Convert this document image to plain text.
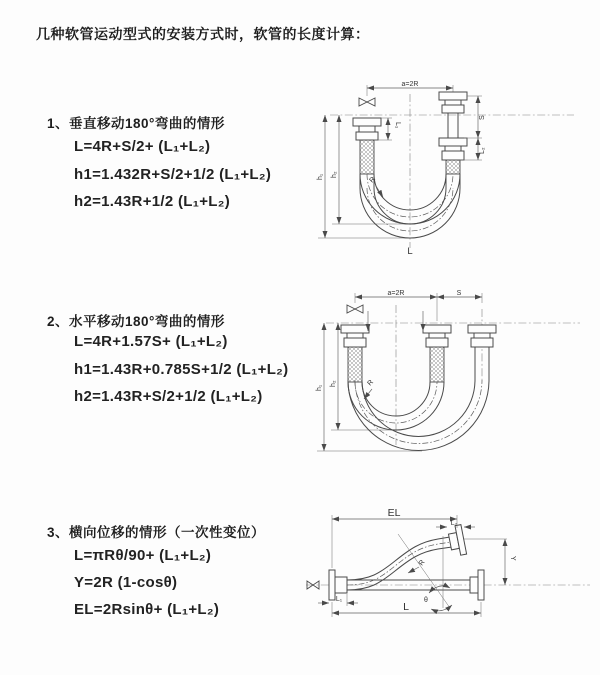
几种软管运动型式的安装方式时，软管的长度计算：
1、垂直移动180°弯曲的情形
L=4R+S/2+ (L₁+L₂)
h1=1.432R+S/2+1/2 (L₁+L₂)
h2=1.43R+1/2 (L₁+L₂)
2、水平移动180°弯曲的情形
L=4R+1.57S+ (L₁+L₂)
h1=1.43R+0.785S+1/2 (L₁+L₂)
h2=1.43R+S/2+1/2 (L₁+L₂)
3、横向位移的情形（一次性变位）
L=πRθ/90+ (L₁+L₂)
Y=2R (1-cosθ)
EL=2Rsinθ+ (L₁+L₂)
a=2R
L₁
S
L₂
h₁ h₂
R
L
a=2R	S
h₁
h₂	R
EL
L₂
Y
L
L₁
R
θ
